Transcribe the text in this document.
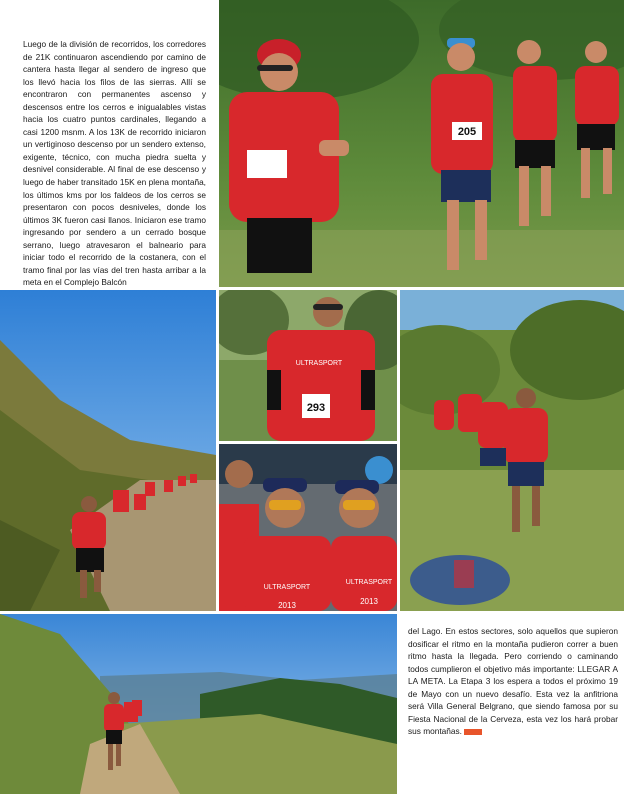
Luego de la división de recorridos, los corredores de 21K continuaron ascendiendo por camino de cantera hasta llegar al sendero de ingreso que los llevó hacia los filos de las sierras. Allí se encontraron con permanentes ascenso y descensos entre los cerros e inigualables vistas hacia los cuatro puntos cardinales, llegando a casi 1200 msnm. A los 13K de recorrido iniciaron un vertiginoso descenso por un sendero extenso, exigente, técnico, con mucha piedra suelta y desnivel considerable. Al final de ese descenso y luego de haber transitado 15K en plena montaña, los últimos kms por los faldeos de los cerros se presentaron con pocos desniveles, donde los últimos 3K fueron casi llanos. Iniciaron ese tramo ingresando por sendero a un cerrado bosque serrano, luego atravesaron el balneario para iniciar todo el recorrido de la costanera, con el tramo final por las vías del tren hasta arribar a la meta en el Complejo Balcón
205
293
ULTRASPORT
ULTRASPORT
2013
ULTRASPORT
2013
del Lago. En estos sectores, solo aquellos que supieron dosificar el ritmo en la montaña pudieron correr a buen ritmo hasta la llegada. Pero corriendo o caminando todos cumplieron el objetivo más importante: LLEGAR A LA META. La Etapa 3 los espera a todos el próximo 19 de Mayo con un nuevo desafío. Esta vez la anfitriona será Villa General Belgrano, que siendo famosa por su Fiesta Nacional de la Cerveza, esta vez los hará probar sus montañas.
